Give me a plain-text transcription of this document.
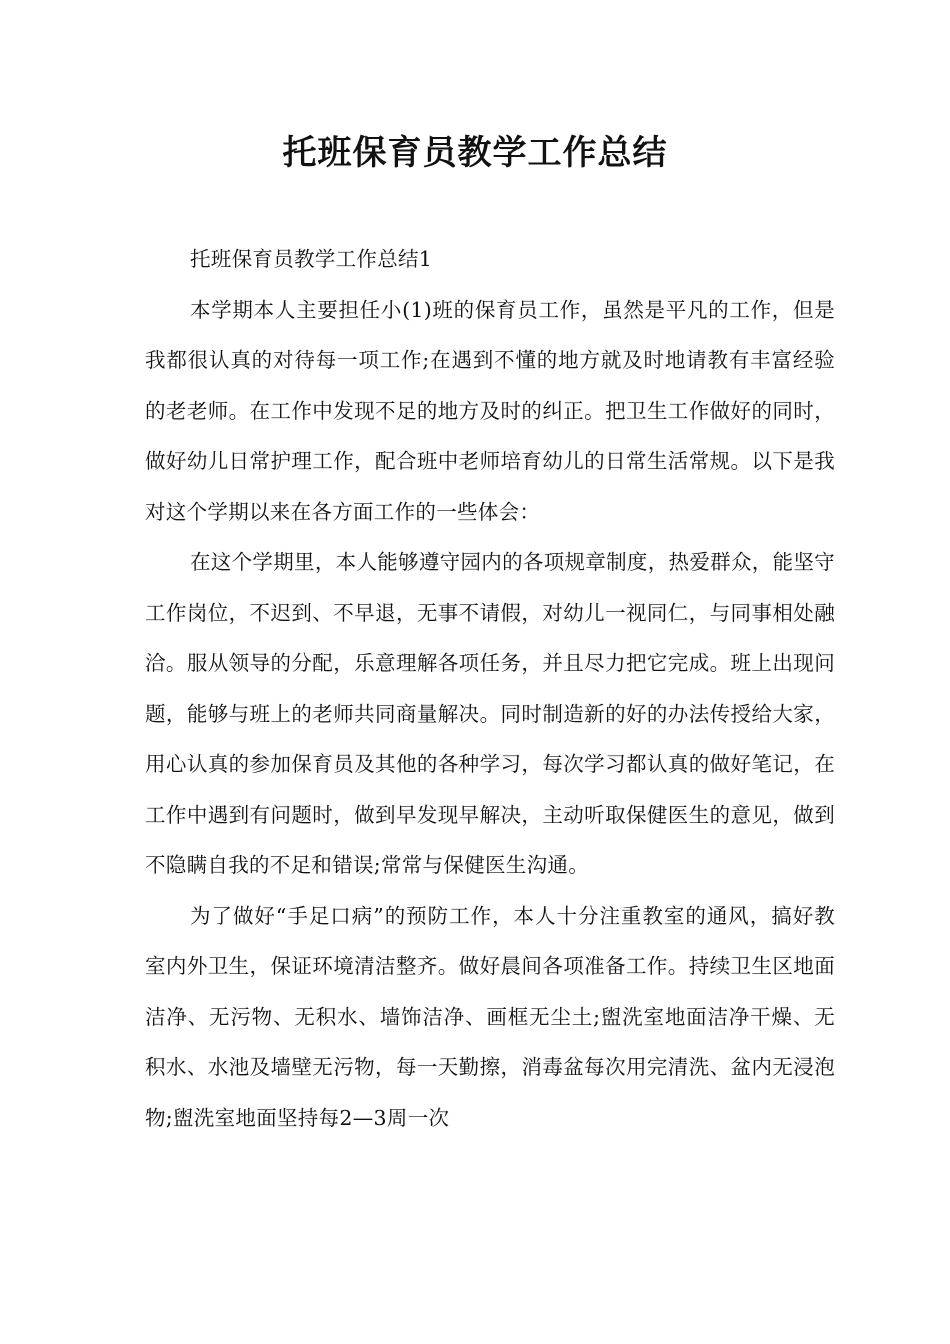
托班保育员教学工作总结

托班保育员教学工作总结1

本学期本人主要担任小(1)班的保育员工作，虽然是平凡的工作，但是我都很认真的对待每一项工作;在遇到不懂的地方就及时地请教有丰富经验的老老师。在工作中发现不足的地方及时的纠正。把卫生工作做好的同时，做好幼儿日常护理工作，配合班中老师培育幼儿的日常生活常规。以下是我对这个学期以来在各方面工作的一些体会：

在这个学期里，本人能够遵守园内的各项规章制度，热爱群众，能坚守工作岗位，不迟到、不早退，无事不请假，对幼儿一视同仁，与同事相处融洽。服从领导的分配，乐意理解各项任务，并且尽力把它完成。班上出现问题，能够与班上的老师共同商量解决。同时制造新的好的办法传授给大家，用心认真的参加保育员及其他的各种学习，每次学习都认真的做好笔记，在工作中遇到有问题时，做到早发现早解决，主动听取保健医生的意见，做到不隐瞒自我的不足和错误;常常与保健医生沟通。

为了做好“手足口病”的预防工作，本人十分注重教室的通风，搞好教室内外卫生，保证环境清洁整齐。做好晨间各项准备工作。持续卫生区地面洁净、无污物、无积水、墙饰洁净、画框无尘土;盥洗室地面洁净干燥、无积水、水池及墙壁无污物，每一天勤擦，消毒盆每次用完清洗、盆内无浸泡物;盥洗室地面坚持每2—3周一次
